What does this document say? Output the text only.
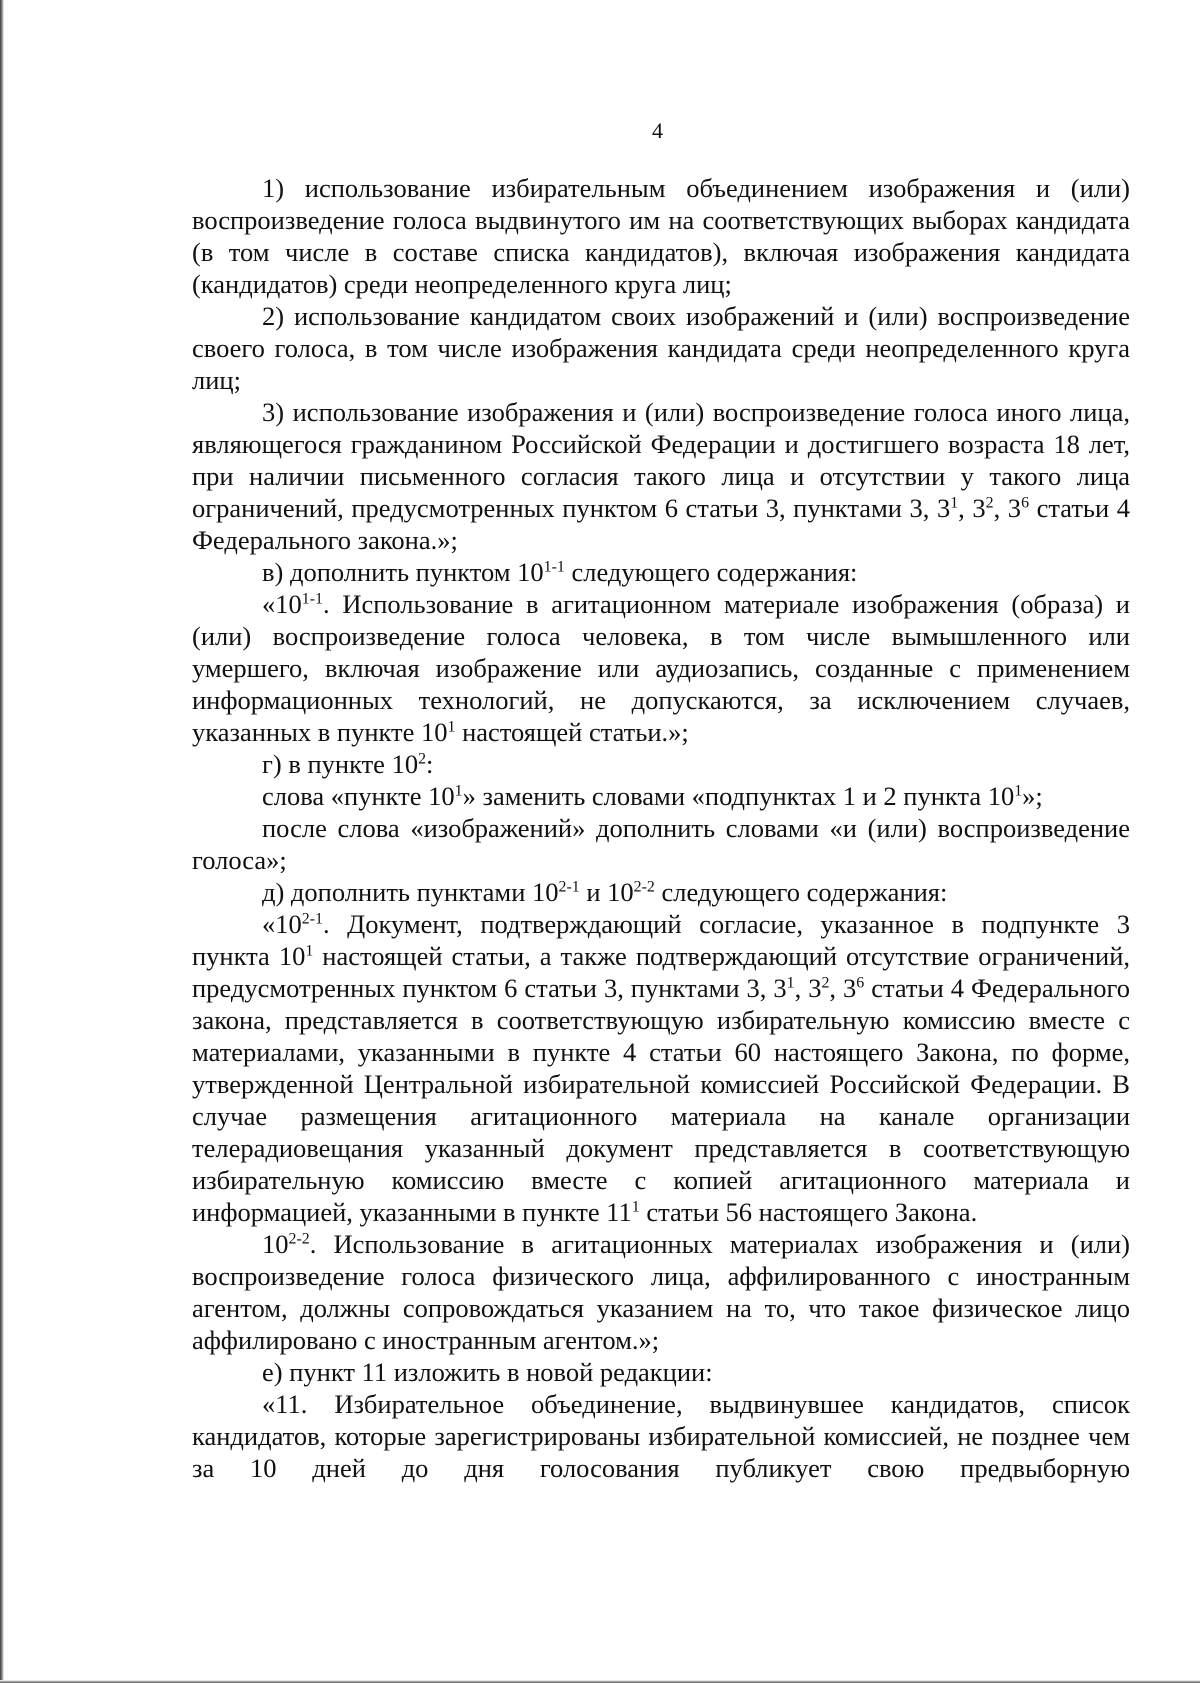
4

1) использование избирательным объединением изображения и (или) воспроизведение голоса выдвинутого им на соответствующих выборах кандидата (в том числе в составе списка кандидатов), включая изображения кандидата (кандидатов) среди неопределенного круга лиц;

2) использование кандидатом своих изображений и (или) воспроизведение своего голоса, в том числе изображения кандидата среди неопределенного круга лиц;

3) использование изображения и (или) воспроизведение голоса иного лица, являющегося гражданином Российской Федерации и достигшего возраста 18 лет, при наличии письменного согласия такого лица и отсутствии у такого лица ограничений, предусмотренных пунктом 6 статьи 3, пунктами 3, $3^1$, $3^2$, $3^6$ статьи 4 Федерального закона.»;

в) дополнить пунктом 10$^{1-1}$ следующего содержания:

«10$^{1-1}$. Использование в агитационном материале изображения (образа) и (или) воспроизведение голоса человека, в том числе вымышленного или умершего, включая изображение или аудиозапись, созданные с применением информационных технологий, не допускаются, за исключением случаев, указанных в пункте $10^1$ настоящей статьи.»;

г) в пункте $10^2$:

слова «пункте $10^1$» заменить словами «подпунктах 1 и 2 пункта $10^1$»;

после слова «изображений» дополнить словами «и (или) воспроизведение голоса»;

д) дополнить пунктами 10$^{2-1}$ и 10$^{2-2}$ следующего содержания:

«10$^{2-1}$. Документ, подтверждающий согласие, указанное в подпункте 3 пункта $10^1$ настоящей статьи, а также подтверждающий отсутствие ограничений, предусмотренных пунктом 6 статьи 3, пунктами 3, $3^1$, $3^2$, $3^6$ статьи 4 Федерального закона, представляется в соответствующую избирательную комиссию вместе с материалами, указанными в пункте 4 статьи 60 настоящего Закона, по форме, утвержденной Центральной избирательной комиссией Российской Федерации. В случае размещения агитационного материала на канале организации телерадиовещания указанный документ представляется в соответствующую избирательную комиссию вместе с копией агитационного материала и информацией, указанными в пункте $11^1$ статьи 56 настоящего Закона.

10$^{2-2}$. Использование в агитационных материалах изображения и (или) воспроизведение голоса физического лица, аффилированного с иностранным агентом, должны сопровождаться указанием на то, что такое физическое лицо аффилировано с иностранным агентом.»;

е) пункт 11 изложить в новой редакции:

«11. Избирательное объединение, выдвинувшее кандидатов, список кандидатов, которые зарегистрированы избирательной комиссией, не позднее чем за 10 дней до дня голосования публикует свою предвыборную
